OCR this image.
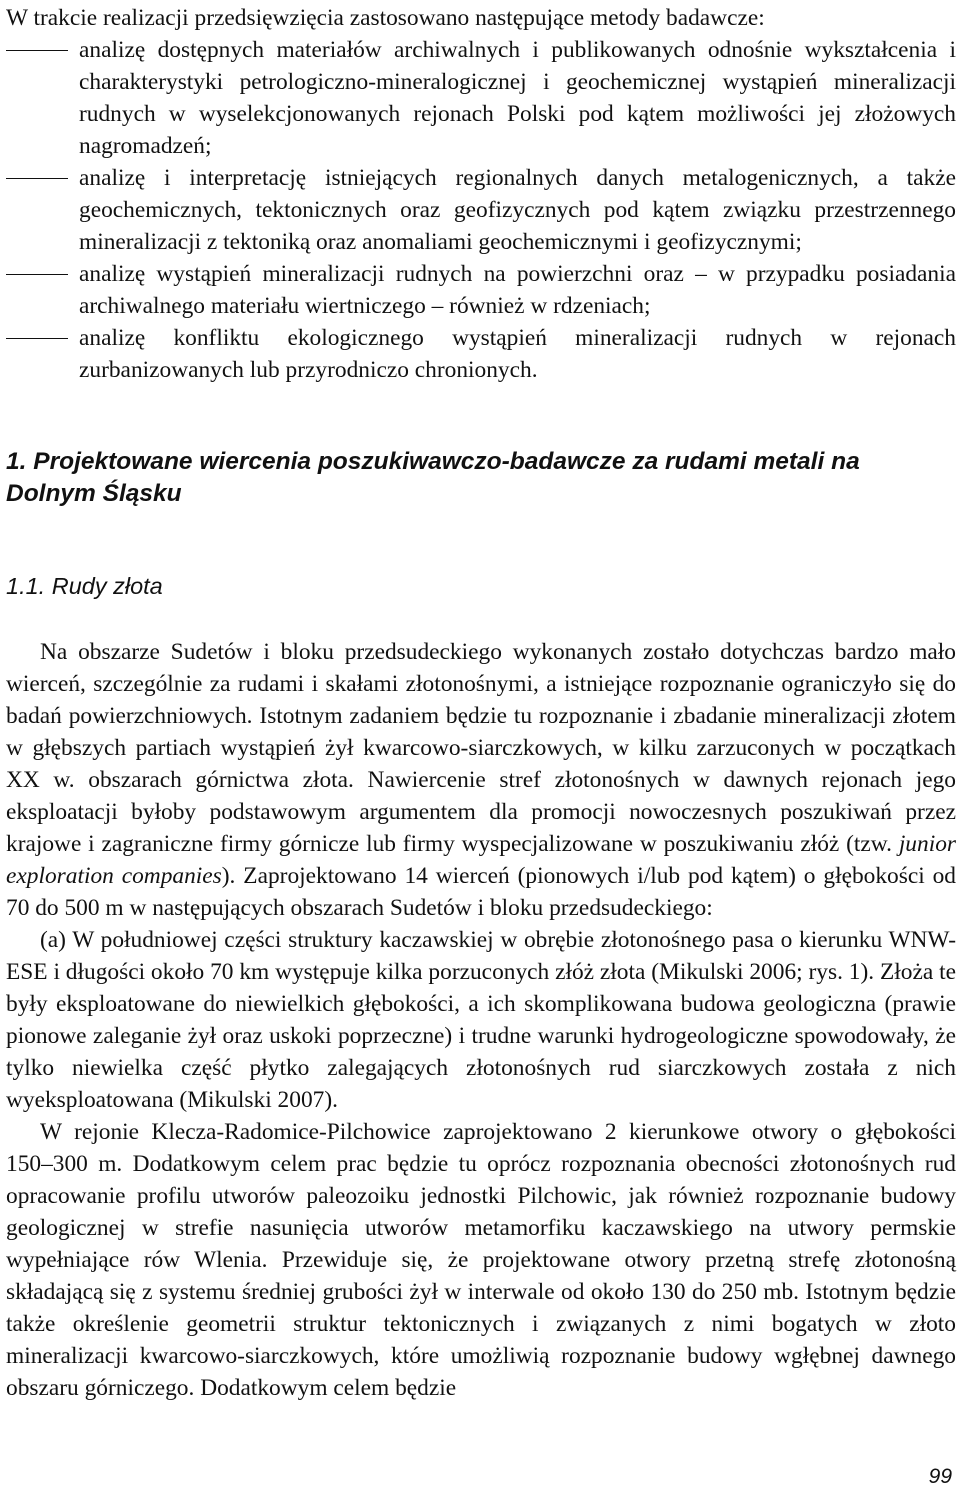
W trakcie realizacji przedsięwzięcia zastosowano następujące metody badawcze:
analizę dostępnych materiałów archiwalnych i publikowanych odnośnie wykształcenia i charakterystyki petrologiczno-mineralogicznej i geochemicznej wystąpień mineralizacji rudnych w wyselekcjonowanych rejonach Polski pod kątem możliwości jej złożowych nagromadzeń;
analizę i interpretację istniejących regionalnych danych metalogenicznych, a także geochemicznych, tektonicznych oraz geofizycznych pod kątem związku przestrzennego mineralizacji z tektoniką oraz anomaliami geochemicznymi i geofizycznymi;
analizę wystąpień mineralizacji rudnych na powierzchni oraz – w przypadku posiadania archiwalnego materiału wiertniczego – również w rdzeniach;
analizę konfliktu ekologicznego wystąpień mineralizacji rudnych w rejonach zurbanizowanych lub przyrodniczo chronionych.
1. Projektowane wiercenia poszukiwawczo-badawcze za rudami metali na Dolnym Śląsku
1.1. Rudy złota

Na obszarze Sudetów i bloku przedsudeckiego wykonanych zostało dotychczas bardzo mało wierceń, szczególnie za rudami i skałami złotonośnymi, a istniejące rozpoznanie ograniczyło się do badań powierzchniowych. Istotnym zadaniem będzie tu rozpoznanie i zbadanie mineralizacji złotem w głębszych partiach wystąpień żył kwarcowo-siarczkowych, w kilku zarzuconych w początkach XX w. obszarach górnictwa złota. Nawiercenie stref złotonośnych w dawnych rejonach jego eksploatacji byłoby podstawowym argumentem dla promocji nowoczesnych poszukiwań przez krajowe i zagraniczne firmy górnicze lub firmy wyspecjalizowane w poszukiwaniu złóż (tzw. junior exploration companies). Zaprojektowano 14 wierceń (pionowych i/lub pod kątem) o głębokości od 70 do 500 m w następujących obszarach Sudetów i bloku przedsudeckiego:

(a) W południowej części struktury kaczawskiej w obrębie złotonośnego pasa o kierunku WNW-ESE i długości około 70 km występuje kilka porzuconych złóż złota (Mikulski 2006; rys. 1). Złoża te były eksploatowane do niewielkich głębokości, a ich skomplikowana budowa geologiczna (prawie pionowe zaleganie żył oraz uskoki poprzeczne) i trudne warunki hydrogeologiczne spowodowały, że tylko niewielka część płytko zalegających złotonośnych rud siarczkowych została z nich wyeksploatowana (Mikulski 2007).

W rejonie Klecza-Radomice-Pilchowice zaprojektowano 2 kierunkowe otwory o głębokości 150–300 m. Dodatkowym celem prac będzie tu oprócz rozpoznania obecności złotonośnych rud opracowanie profilu utworów paleozoiku jednostki Pilchowic, jak również rozpoznanie budowy geologicznej w strefie nasunięcia utworów metamorfiku kaczawskiego na utwory permskie wypełniające rów Wlenia. Przewiduje się, że projektowane otwory przetną strefę złotonośną składającą się z systemu średniej grubości żył w interwale od około 130 do 250 mb. Istotnym będzie także określenie geometrii struktur tektonicznych i związanych z nimi bogatych w złoto mineralizacji kwarcowo-siarczkowych, które umożliwią rozpoznanie budowy wgłębnej dawnego obszaru górniczego. Dodatkowym celem będzie

99
